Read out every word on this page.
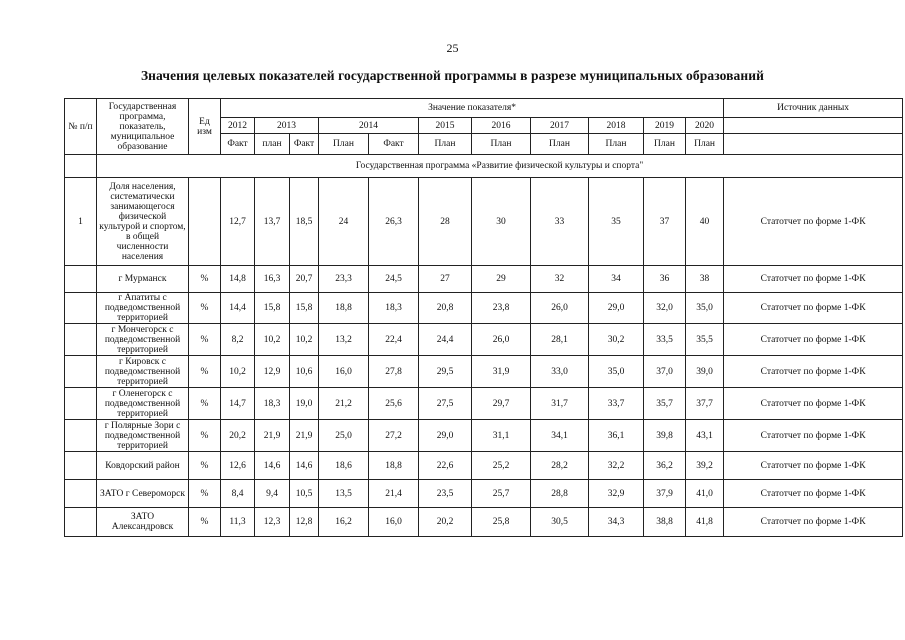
25
Значения целевых показателей государственной программы в разрезе муниципальных образований
№ п/п	Государственная программа, показатель, муниципальное образование	Ед изм	Значение показателя*											Источник данных
			2012	2013		2014		2015	2016	2017	2018	2019	2020	
			Факт	план	Факт	План	Факт	План	План	План	План	План	План	
	Государственная программа «Развитие физической культуры и спорта"													
1	Доля населения, систематически занимающегося физической культурой и спортом, в общей численности населения		12,7	13,7	18,5	24	26,3	28	30	33	35	37	40	Статотчет по форме 1-ФК
	г Мурманск	%	14,8	16,3	20,7	23,3	24,5	27	29	32	34	36	38	Статотчет по форме 1-ФК
	г Апатиты с подведомственной территорией	%	14,4	15,8	15,8	18,8	18,3	20,8	23,8	26,0	29,0	32,0	35,0	Статотчет по форме 1-ФК
	г Мончегорск с подведомственной территорией	%	8,2	10,2	10,2	13,2	22,4	24,4	26,0	28,1	30,2	33,5	35,5	Статотчет по форме 1-ФК
	г Кировск с подведомственной территорией	%	10,2	12,9	10,6	16,0	27,8	29,5	31,9	33,0	35,0	37,0	39,0	Статотчет по форме 1-ФК
	г Оленегорск с подведомственной территорией	%	14,7	18,3	19,0	21,2	25,6	27,5	29,7	31,7	33,7	35,7	37,7	Статотчет по форме 1-ФК
	г Полярные Зори с подведомственной территорией	%	20,2	21,9	21,9	25,0	27,2	29,0	31,1	34,1	36,1	39,8	43,1	Статотчет по форме 1-ФК
	Ковдорский район	%	12,6	14,6	14,6	18,6	18,8	22,6	25,2	28,2	32,2	36,2	39,2	Статотчет по форме 1-ФК
	ЗАТО г Североморск	%	8,4	9,4	10,5	13,5	21,4	23,5	25,7	28,8	32,9	37,9	41,0	Статотчет по форме 1-ФК
	ЗАТО Александровск	%	11,3	12,3	12,8	16,2	16,0	20,2	25,8	30,5	34,3	38,8	41,8	Статотчет по форме 1-ФК
